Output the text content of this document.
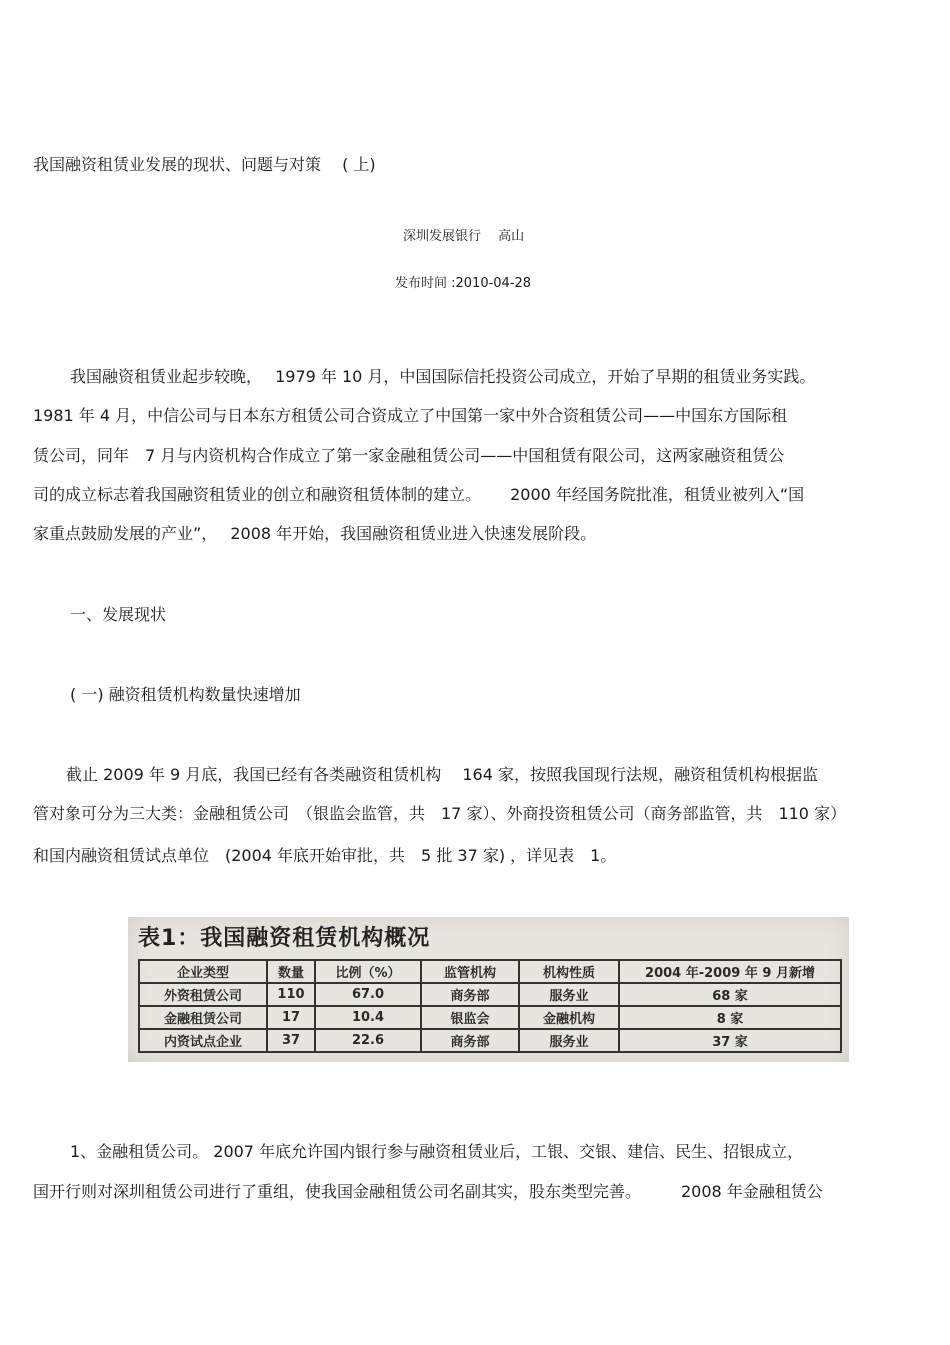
我国融资租赁业发展的现状、问题与对策　 ( 上)
深圳发展银行　 高山
发布时间 :2010-04-28
我国融资租赁业起步较晚，　 1979 年 10 月，中国国际信托投资公司成立，开始了早期的租赁业务实践。
1981 年 4 月，中信公司与日本东方租赁公司合资成立了中国第一家中外合资租赁公司——中国东方国际租
赁公司，同年　7 月与内资机构合作成立了第一家金融租赁公司——中国租赁有限公司，这两家融资租赁公
司的成立标志着我国融资租赁业的创立和融资租赁体制的建立。　　 2000 年经国务院批准，租赁业被列入“国
家重点鼓励发展的产业”，　 2008 年开始，我国融资租赁业进入快速发展阶段。
一、发展现状
( 一) 融资租赁机构数量快速增加
截止 2009 年 9 月底，我国已经有各类融资租赁机构　 164 家，按照我国现行法规，融资租赁机构根据监
管对象可分为三大类：金融租赁公司　（银监会监管，共　17 家）、外商投资租赁公司（商务部监管，共　110 家）
和国内融资租赁试点单位　(2004 年底开始审批，共　5 批 37 家) ，详见表　1。
表1：我国融资租赁机构概况
企业类型	数量	比例（%）	监管机构	机构性质	2004 年-2009 年 9 月新增
外资租赁公司	110	67.0	商务部	服务业	68 家
金融租赁公司	17	10.4	银监会	金融机构	8 家
内资试点企业	37	22.6	商务部	服务业	37 家
1、金融租赁公司。 2007 年底允许国内银行参与融资租赁业后，工银、交银、建信、民生、招银成立，
国开行则对深圳租赁公司进行了重组，使我国金融租赁公司名副其实，股东类型完善。　　　2008 年金融租赁公
